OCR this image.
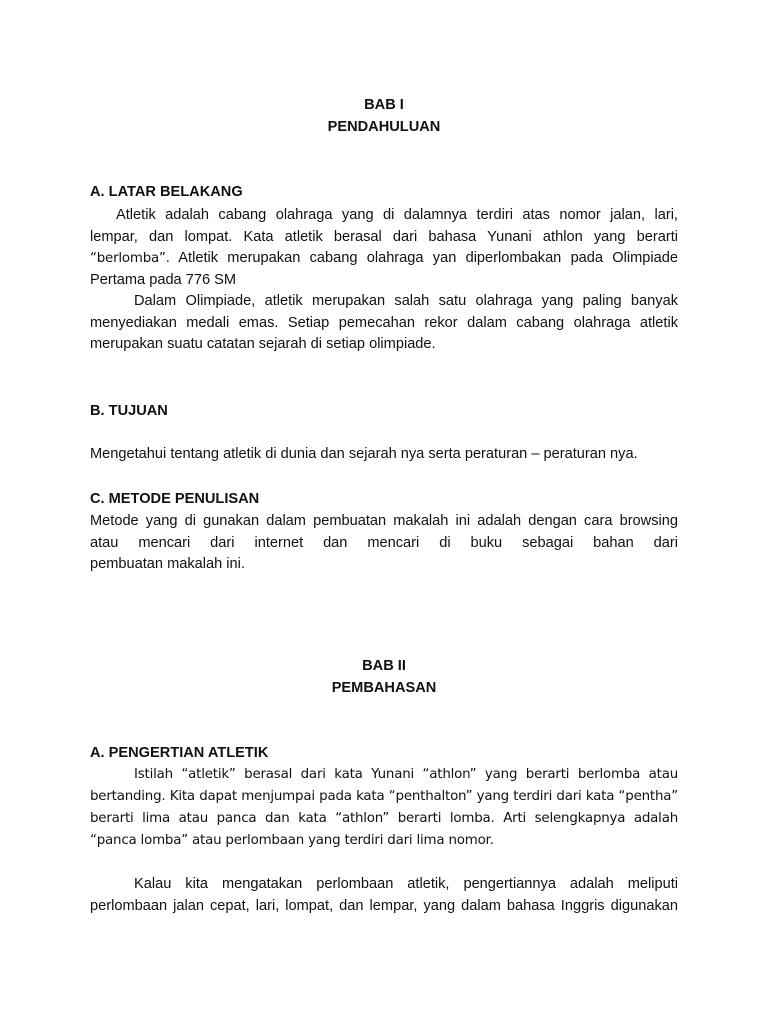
BAB I
PENDAHULUAN
A. LATAR BELAKANG
Atletik adalah cabang olahraga yang di dalamnya terdiri atas nomor jalan, lari,
lempar, dan lompat. Kata atletik berasal dari bahasa Yunani athlon yang berarti
“berlomba”. Atletik merupakan cabang olahraga yan diperlombakan pada Olimpiade
Pertama pada 776 SM
Dalam Olimpiade, atletik merupakan salah satu olahraga yang paling banyak
menyediakan medali emas. Setiap pemecahan rekor dalam cabang olahraga atletik
merupakan suatu catatan sejarah di setiap olimpiade.
B. TUJUAN
Mengetahui tentang atletik di dunia dan sejarah nya serta peraturan – peraturan nya.
C. METODE PENULISAN
Metode yang di gunakan dalam pembuatan makalah ini adalah dengan cara browsing
atau mencari dari internet dan mencari di buku sebagai bahan dari
pembuatan makalah ini.
BAB II
PEMBAHASAN
A. PENGERTIAN ATLETIK
Istilah “atletik” berasal dari kata Yunani “athlon” yang berarti berlomba atau
bertanding. Kita dapat menjumpai pada kata “penthalton” yang terdiri dari kata “pentha”
berarti lima atau panca dan kata “athlon” berarti lomba. Arti selengkapnya adalah
“panca lomba” atau perlombaan yang terdiri dari lima nomor.
Kalau kita mengatakan perlombaan atletik, pengertiannya adalah meliputi
perlombaan jalan cepat, lari, lompat, dan lempar, yang dalam bahasa Inggris digunakan
